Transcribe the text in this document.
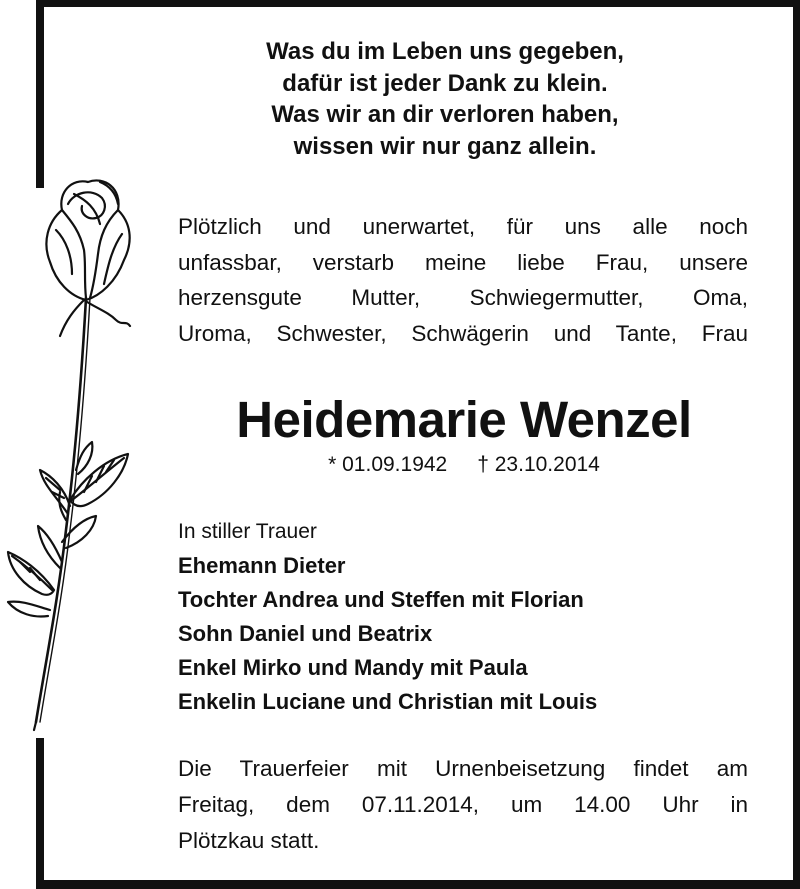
Was du im Leben uns gegeben,
dafür ist jeder Dank zu klein.
Was wir an dir verloren haben,
wissen wir nur ganz allein.
Plötzlich und unerwartet, für uns alle noch
unfassbar, verstarb meine liebe Frau, unsere
herzensgute Mutter, Schwiegermutter, Oma,
Uroma, Schwester, Schwägerin und Tante, Frau
Heidemarie Wenzel
* 01.09.1942 † 23.10.2014
In stiller Trauer
Ehemann Dieter
Tochter Andrea und Steffen mit Florian
Sohn Daniel und Beatrix
Enkel Mirko und Mandy mit Paula
Enkelin Luciane und Christian mit Louis
Die Trauerfeier mit Urnenbeisetzung findet am
Freitag, dem 07.11.2014, um 14.00 Uhr in
Plötzkau statt.
